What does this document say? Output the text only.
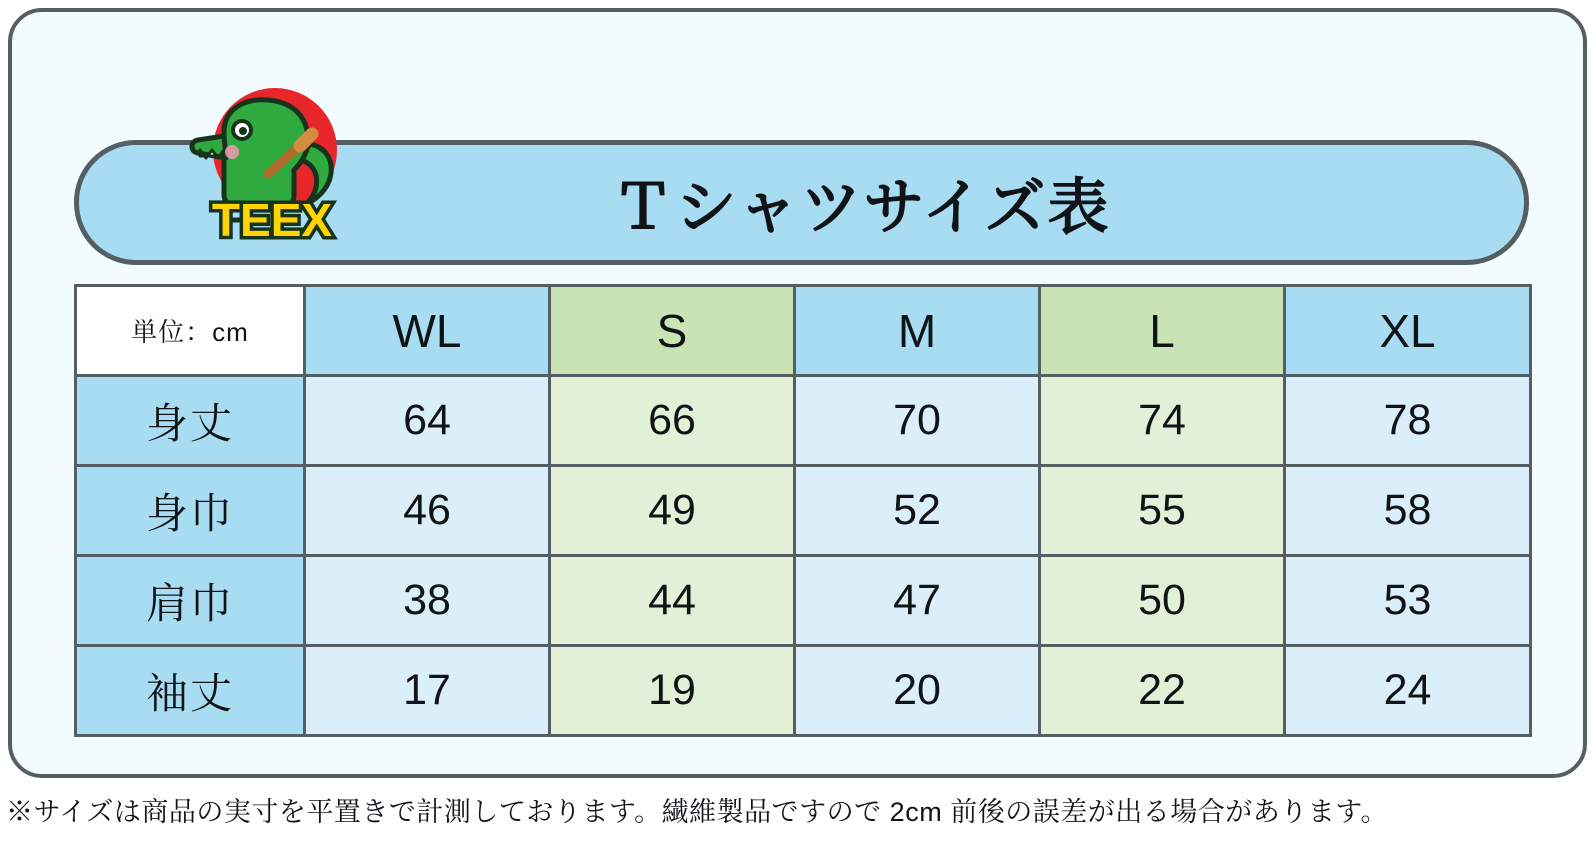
Ｔシャツサイズ表
TEEX
単位：cm	WL	S	M	L	XL
身丈	64	66	70	74	78
身巾	46	49	52	55	58
肩巾	38	44	47	50	53
袖丈	17	19	20	22	24
※サイズは商品の実寸を平置きで計測しております。繊維製品ですので 2cm 前後の誤差が出る場合があります。
